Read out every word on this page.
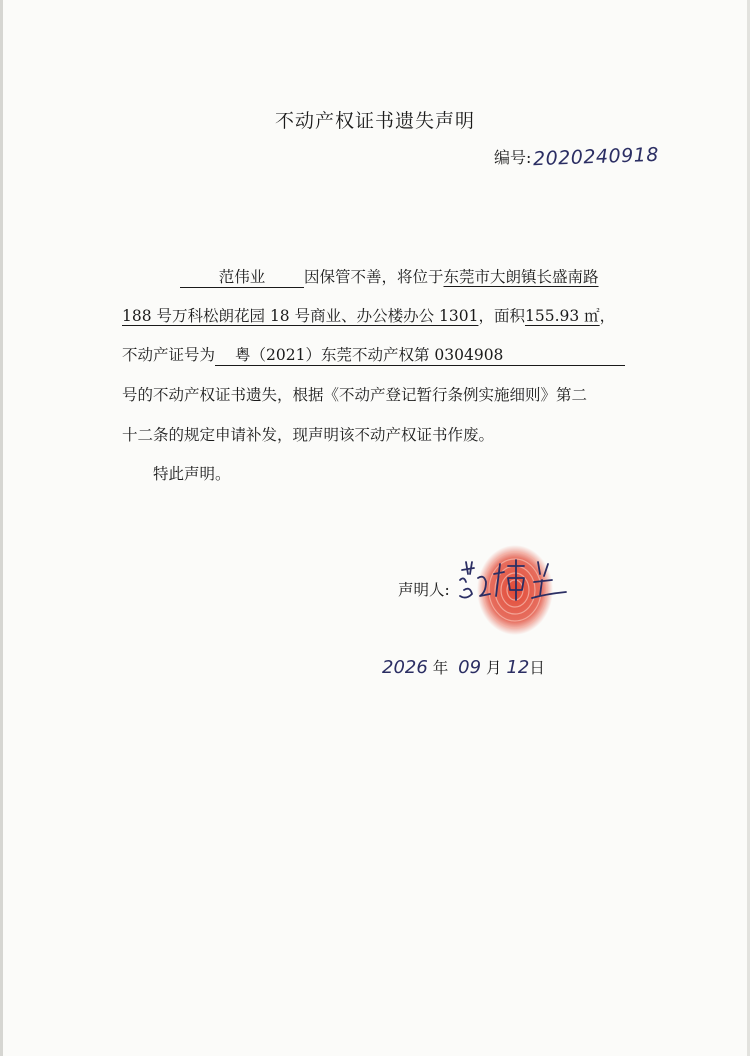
不动产权证书遗失声明
编号: 2020240918
范伟业	因保管不善，将位于东莞市大朗镇长盛南路
188 号万科松朗花园 18 号商业、办公楼办公 1301，面积155.93 ㎡，
不动产证号为 粤（2021）东莞不动产权第 0304908
号的不动产权证书遗失，根据《不动产登记暂行条例实施细则》第二
十二条的规定申请补发，现声明该不动产权证书作废。
特此声明。
声明人:
2026 年 09 月 12日
